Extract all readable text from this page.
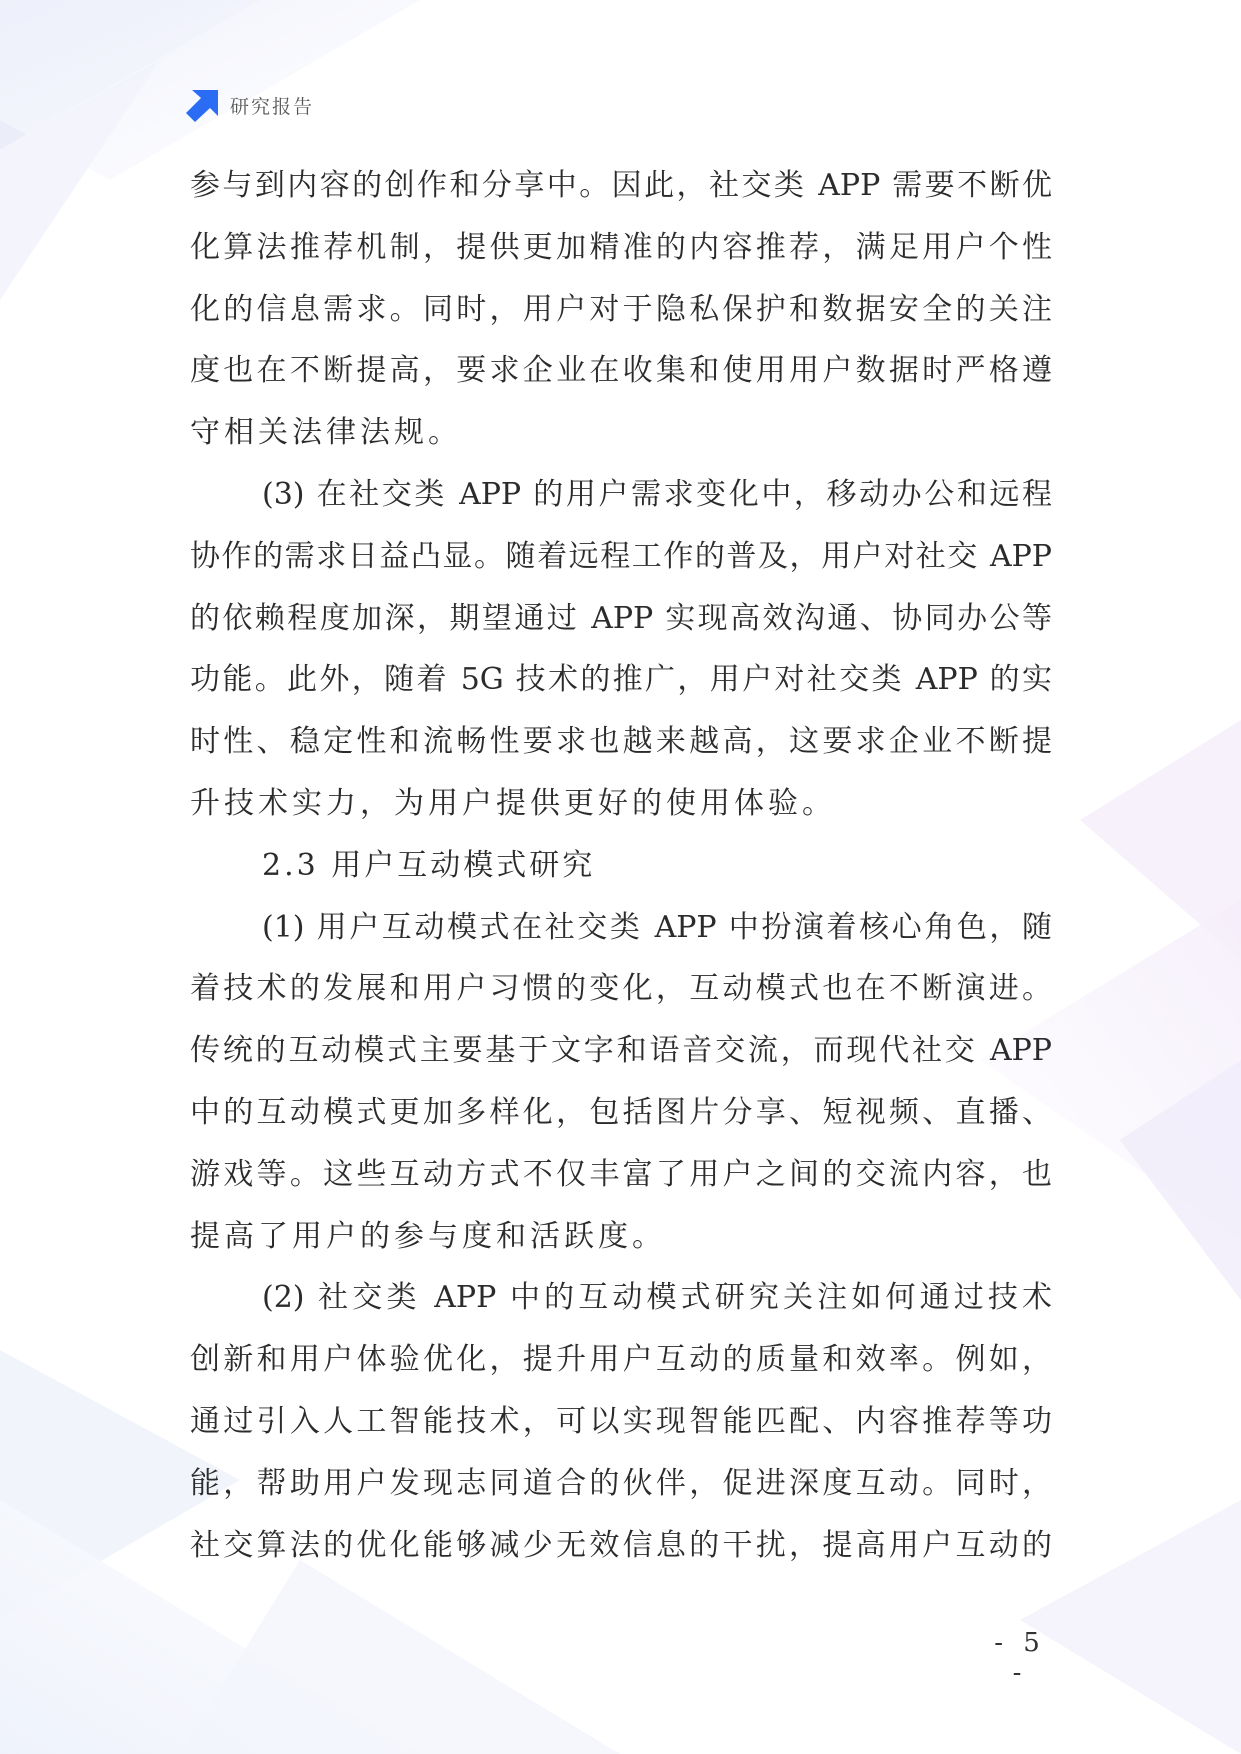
研究报告
参与到内容的创作和分享中。因此，社交类 APP 需要不断优
化算法推荐机制，提供更加精准的内容推荐，满足用户个性
化的信息需求。同时，用户对于隐私保护和数据安全的关注
度也在不断提高，要求企业在收集和使用用户数据时严格遵
守相关法律法规。
(3) 在社交类 APP 的用户需求变化中，移动办公和远程
协作的需求日益凸显。随着远程工作的普及，用户对社交 APP
的依赖程度加深，期望通过 APP 实现高效沟通、协同办公等
功能。此外，随着 5G 技术的推广，用户对社交类 APP 的实
时性、稳定性和流畅性要求也越来越高，这要求企业不断提
升技术实力，为用户提供更好的使用体验。
2.3 用户互动模式研究
(1) 用户互动模式在社交类 APP 中扮演着核心角色，随
着技术的发展和用户习惯的变化，互动模式也在不断演进。
传统的互动模式主要基于文字和语音交流，而现代社交 APP
中的互动模式更加多样化，包括图片分享、短视频、直播、
游戏等。这些互动方式不仅丰富了用户之间的交流内容，也
提高了用户的参与度和活跃度。
(2) 社交类 APP 中的互动模式研究关注如何通过技术
创新和用户体验优化，提升用户互动的质量和效率。例如，
通过引入人工智能技术，可以实现智能匹配、内容推荐等功
能，帮助用户发现志同道合的伙伴，促进深度互动。同时，
社交算法的优化能够减少无效信息的干扰，提高用户互动的
- 5 -
